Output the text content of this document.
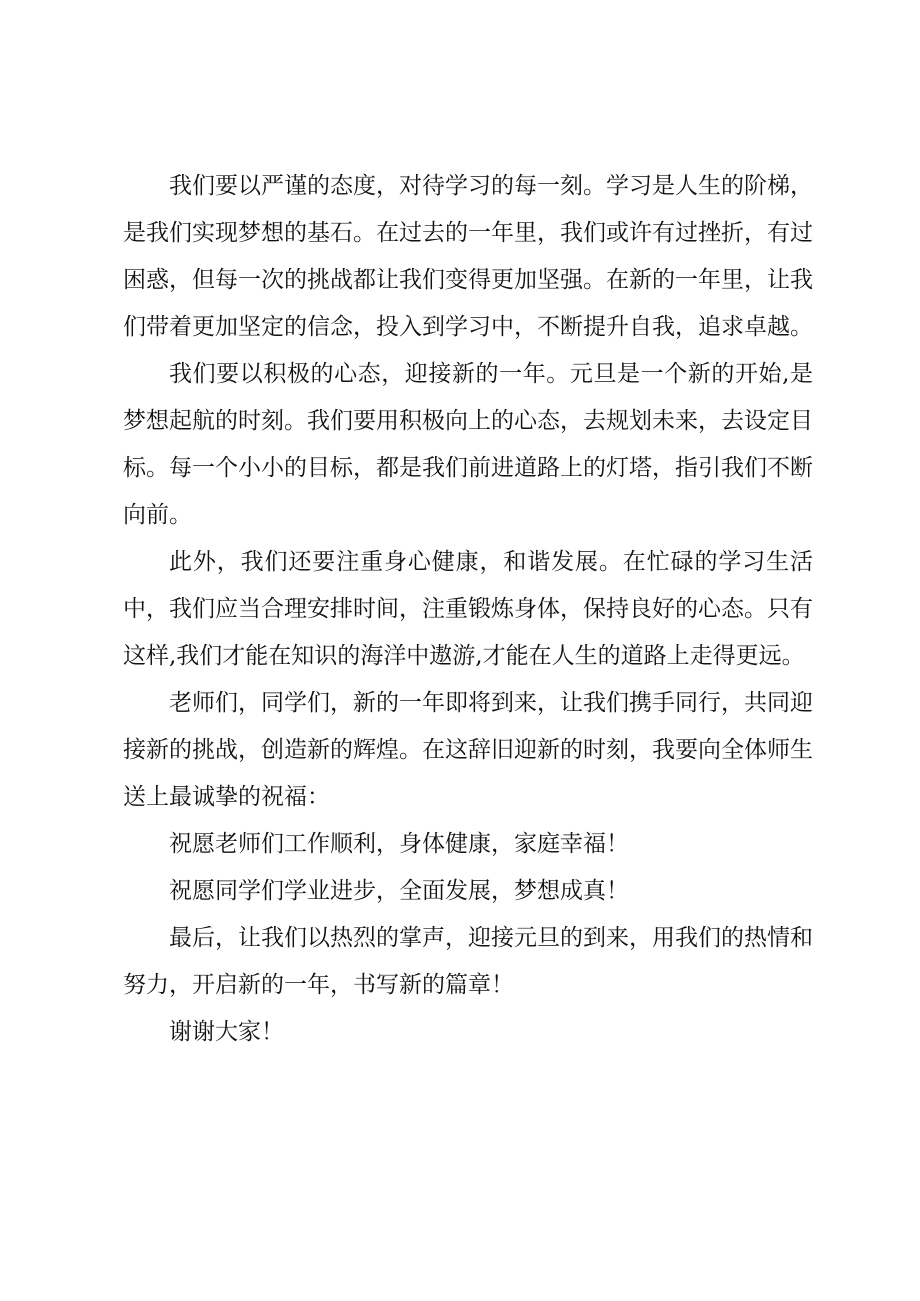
我们要以严谨的态度，对待学习的每一刻。学习是人生的阶梯，是我们实现梦想的基石。在过去的一年里，我们或许有过挫折，有过困惑，但每一次的挑战都让我们变得更加坚强。在新的一年里，让我们带着更加坚定的信念，投入到学习中，不断提升自我，追求卓越。

我们要以积极的心态，迎接新的一年。元旦是一个新的开始,是梦想起航的时刻。我们要用积极向上的心态，去规划未来，去设定目标。每一个小小的目标，都是我们前进道路上的灯塔，指引我们不断向前。

此外，我们还要注重身心健康，和谐发展。在忙碌的学习生活中，我们应当合理安排时间，注重锻炼身体，保持良好的心态。只有这样,我们才能在知识的海洋中遨游,才能在人生的道路上走得更远。

老师们，同学们，新的一年即将到来，让我们携手同行，共同迎接新的挑战，创造新的辉煌。在这辞旧迎新的时刻，我要向全体师生送上最诚挚的祝福：

祝愿老师们工作顺利，身体健康，家庭幸福！

祝愿同学们学业进步，全面发展，梦想成真！

最后，让我们以热烈的掌声，迎接元旦的到来，用我们的热情和努力，开启新的一年，书写新的篇章！

谢谢大家！
